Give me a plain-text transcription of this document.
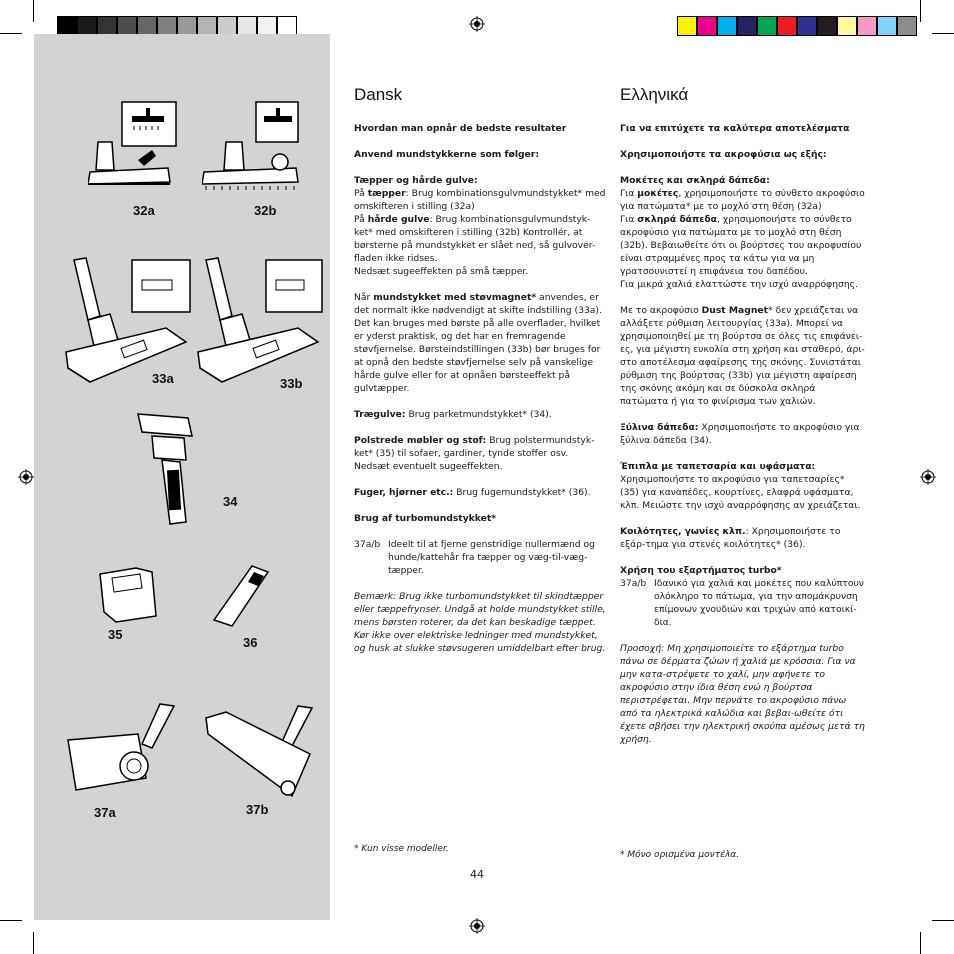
32a	32b
33a	33b
34
35
36
37a	37b
Dansk

Hvordan man opnår de bedste resultater

Anvend mundstykkerne som følger:

Tæpper og hårde gulve:
På tæpper: Brug kombinationsgulvmundstykket* med omskifteren i stilling (32a)
På hårde gulve: Brug kombinationsgulvmundstyk-ket* med omskifteren i stilling (32b) Kontrollér, at børsterne på mundstykket er slået ned, så gulvover-fladen ikke ridses.
Nedsæt sugeeffekten på små tæpper.

Når mundstykket med støvmagnet* anvendes, er det normalt ikke nødvendigt at skifte indstilling (33a). Det kan bruges med børste på alle overflader, hvilket er yderst praktisk, og det har en fremragende støvfjernelse. Børsteindstillingen (33b) bør bruges for at opnå den bedste støvfjernelse selv på vanskelige hårde gulve eller for at opnåen børsteeffekt på gulvtæpper.

Trægulve: Brug parketmundstykket* (34).

Polstrede møbler og stof: Brug polstermundstyk-ket* (35) til sofaer, gardiner, tynde stoffer osv. Nedsæt eventuelt sugeeffekten.

Fuger, hjørner etc.: Brug fugemundstykket* (36).

Brug af turbomundstykket*

37a/b Ideelt til at fjerne genstridige nullermænd og hunde/kattehår fra tæpper og væg-til-væg-tæpper.

Bemærk: Brug ikke turbomundstykket til skindtæpper eller tæppefrynser. Undgå at holde mundstykket stille, mens børsten roterer, da det kan beskadige tæppet. Kør ikke over elektriske ledninger med mundstykket, og husk at slukke støvsugeren umiddelbart efter brug.

* Kun visse modeller.
Ελληνικά

Για να επιτύχετε τα καλύτερα αποτελέσματα

Χρησιμοποιήστε τα ακροφύσια ως εξής:

Μοκέτες και σκληρά δάπεδα:
Για μοκέτες, χρησιμοποιήστε το σύνθετο ακροφύσιο για πατώματα* με το μοχλό στη θέση (32a)
Για σκληρά δάπεδα, χρησιμοποιήστε το σύνθετο ακροφύσιο για πατώματα με το μοχλό στη θέση (32b). Βεβαιωθείτε ότι οι βούρτσες του ακροφυσίου είναι στραμμένες προς τα κάτω για να μη γρατσουνιστεί η επιφάνεια του δαπέδου.
Για μικρά χαλιά ελαττώστε την ισχύ αναρρόφησης.

Με το ακροφύσιο Dust Magnet* δεν χρειάζεται να αλλάξετε ρύθμιση λειτουργίας (33a). Μπορεί να χρησιμοποιηθεί με τη βούρτσα σε όλες τις επιφάνει-ες, για μέγιστη ευκολία στη χρήση και σταθερό, άρι-στο αποτέλεσμα αφαίρεσης της σκόνης. Συνιστάται ρύθμιση της βούρτσας (33b) για μέγιστη αφαίρεση της σκόνης ακόμη και σε δύσκολα σκληρά πατώματα ή για το φινίρισμα των χαλιών.

Ξύλινα δάπεδα: Χρησιμοποιήστε το ακροφύσιο για ξύλινα δάπεδα (34).

Έπιπλα με ταπετσαρία και υφάσματα:
Χρησιμοποιήστε το ακροφύσιο για ταπετσαρίες* (35) για καναπέδες, κουρτίνες, ελαφρά υφάσματα, κλπ. Μειώστε την ισχύ αναρρόφησης αν χρειάζεται.

Κοιλότητες, γωνίες κλπ.: Χρησιμοποιήστε το εξάρ-τημα για στενές κοιλότητες* (36).

Χρήση του εξαρτήματος turbo*

37a/b Ιδανικό για χαλιά και μοκέτες που καλύπτουν ολόκληρο το πάτωμα, για την απομάκρυνση επίμονων χνουδιών και τριχών από κατοικί-δια.

Προσοχή: Μη χρησιμοποιείτε το εξάρτημα turbo πάνω σε δέρματα ζώων ή χαλιά με κρόσσια. Για να μην κατα-στρέψετε το χαλί, μην αφήνετε το ακροφύσιο στην ίδια θέση ενώ η βούρτσα περιστρέφεται. Μην περνάτε το ακροφύσιο πάνω από τα ηλεκτρικά καλώδια και βεβαι-ωθείτε ότι έχετε σβήσει την ηλεκτρική σκούπα αμέσως μετά τη χρήση.

* Μόνο ορισμένα μοντέλα.
44
